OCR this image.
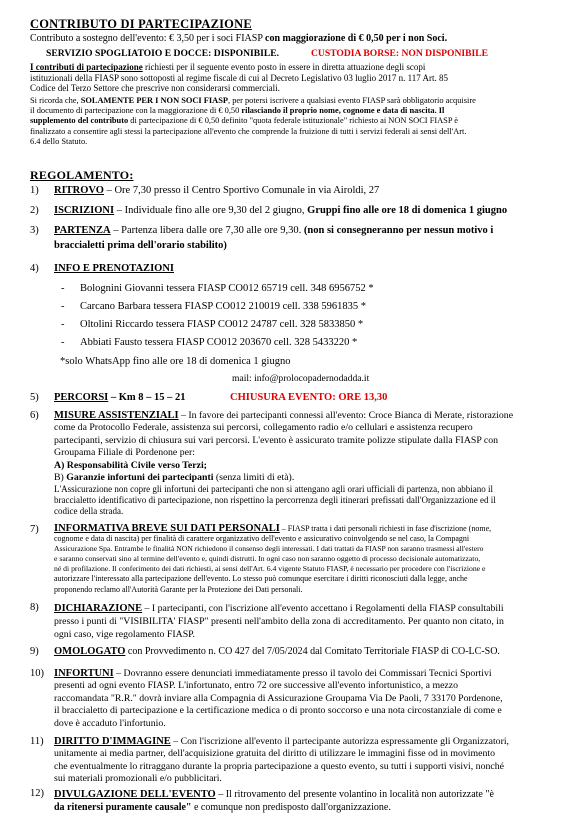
CONTRIBUTO DI PARTECIPAZIONE
Contributo a sostegno dell'evento: € 3,50 per i soci FIASP con maggiorazione di € 0,50 per i non Soci.
SERVIZIO SPOGLIATOIO E DOCCE: DISPONIBILE.	CUSTODIA BORSE: NON DISPONIBILE
I contributi di partecipazione richiesti per il seguente evento posto in essere in diretta attuazione degli scopi
istituzionali della FIASP sono sottoposti al regime fiscale di cui al Decreto Legislativo 03 luglio 2017 n. 117 Art. 85
Codice del Terzo Settore che prescrive non considerarsi commerciali.
Si ricorda che, SOLAMENTE PER I NON SOCI FIASP, per potersi iscrivere a qualsiasi evento FIASP sarà obbligatorio acquisire
il documento di partecipazione con la maggiorazione di € 0,50 rilasciando il proprio nome, cognome e data di nascita. Il
supplemento del contributo di partecipazione di € 0,50 definito "quota federale istituzionale" richiesto ai NON SOCI FIASP è
finalizzato a consentire agli stessi la partecipazione all'evento che comprende la fruizione di tutti i servizi federali ai sensi dell'Art.
6.4 dello Statuto.
REGOLAMENTO:
1) RITROVO – Ore 7,30 presso il Centro Sportivo Comunale in via Airoldi, 27
2) ISCRIZIONI – Individuale fino alle ore 9,30 del 2 giugno, Gruppi fino alle ore 18 di domenica 1 giugno
3) PARTENZA – Partenza libera dalle ore 7,30 alle ore 9,30. (non si consegneranno per nessun motivo i
braccialetti prima dell'orario stabilito)
4) INFO E PRENOTAZIONI
- Bolognini Giovanni tessera FIASP CO012 65719 cell. 348 6956752 *
- Carcano Barbara tessera FIASP CO012 210019 cell. 338 5961835 *
- Oltolini Riccardo tessera FIASP CO012 24787 cell. 328 5833850 *
- Abbiati Fausto tessera FIASP CO012 203670 cell. 328 5433220 *
*solo WhatsApp fino alle ore 18 di domenica 1 giugno
mail: info@prolocopadernodadda.it
5) PERCORSI – Km 8 – 15 – 21	CHIUSURA EVENTO: ORE 13,30
6) MISURE ASSISTENZIALI – In favore dei partecipanti connessi all'evento: Croce Bianca di Merate, ristorazione
come da Protocollo Federale, assistenza sui percorsi, collegamento radio e/o cellulari e assistenza recupero
partecipanti, servizio di chiusura sui vari percorsi. L'evento è assicurato tramite polizze stipulate dalla FIASP con
Groupama Filiale di Pordenone per:
A) Responsabilità Civile verso Terzi;
B) Garanzie infortuni dei partecipanti (senza limiti di età).
L'Assicurazione non copre gli infortuni dei partecipanti che non si attengano agli orari ufficiali di partenza, non abbiano il
braccialetto identificativo di partecipazione, non rispettino la percorrenza degli itinerari prefissati dall'Organizzazione ed il
codice della strada.
7) INFORMATIVA BREVE SUI DATI PERSONALI – FIASP tratta i dati personali richiesti in fase d'iscrizione (nome,
cognome e data di nascita) per finalità di carattere organizzativo dell'evento e assicurativo coinvolgendo se nel caso, la Compagni
Assicurazione Spa. Entrambe le finalità NON richiedono il consenso degli interessati. I dati trattati da FIASP non saranno trasmessi all'estero
e saranno conservati sino al termine dell'evento e, quindi distrutti. In ogni caso non saranno oggetto di processo decisionale automatizzato,
né di profilazione. Il conferimento dei dati richiesti, ai sensi dell'Art. 6.4 vigente Statuto FIASP, è necessario per procedere con l'iscrizione e
autorizzare l'interessato alla partecipazione dell'evento. Lo stesso può comunque esercitare i diritti riconosciuti dalla legge, anche
proponendo reclamo all'Autorità Garante per la Protezione dei Dati personali.
8) DICHIARAZIONE – I partecipanti, con l'iscrizione all'evento accettano i Regolamenti della FIASP consultabili
presso i punti di "VISIBILITA' FIASP" presenti nell'ambito della zona di accreditamento. Per quanto non citato, in
ogni caso, vige regolamento FIASP.
9) OMOLOGATO con Provvedimento n. CO 427 del 7/05/2024 dal Comitato Territoriale FIASP di CO-LC-SO.
10) INFORTUNI – Dovranno essere denunciati immediatamente presso il tavolo dei Commissari Tecnici Sportivi
presenti ad ogni evento FIASP. L'infortunato, entro 72 ore successive all'evento infortunistico, a mezzo
raccomandata "R.R." dovrà inviare alla Compagnia di Assicurazione Groupama Via De Paoli, 7 33170 Pordenone,
il braccialetto di partecipazione e la certificazione medica o di pronto soccorso e una nota circostanziale di come e
dove è accaduto l'infortunio.
11) DIRITTO D'IMMAGINE – Con l'iscrizione all'evento il partecipante autorizza espressamente gli Organizzatori,
unitamente ai media partner, dell'acquisizione gratuita del diritto di utilizzare le immagini fisse od in movimento
che eventualmente lo ritraggano durante la propria partecipazione a questo evento, su tutti i supporti visivi, nonché
sui materiali promozionali e/o pubblicitari.
12) DIVULGAZIONE DELL'EVENTO – Il ritrovamento del presente volantino in località non autorizzate "è
da ritenersi puramente causale" e comunque non predisposto dall'organizzazione.
